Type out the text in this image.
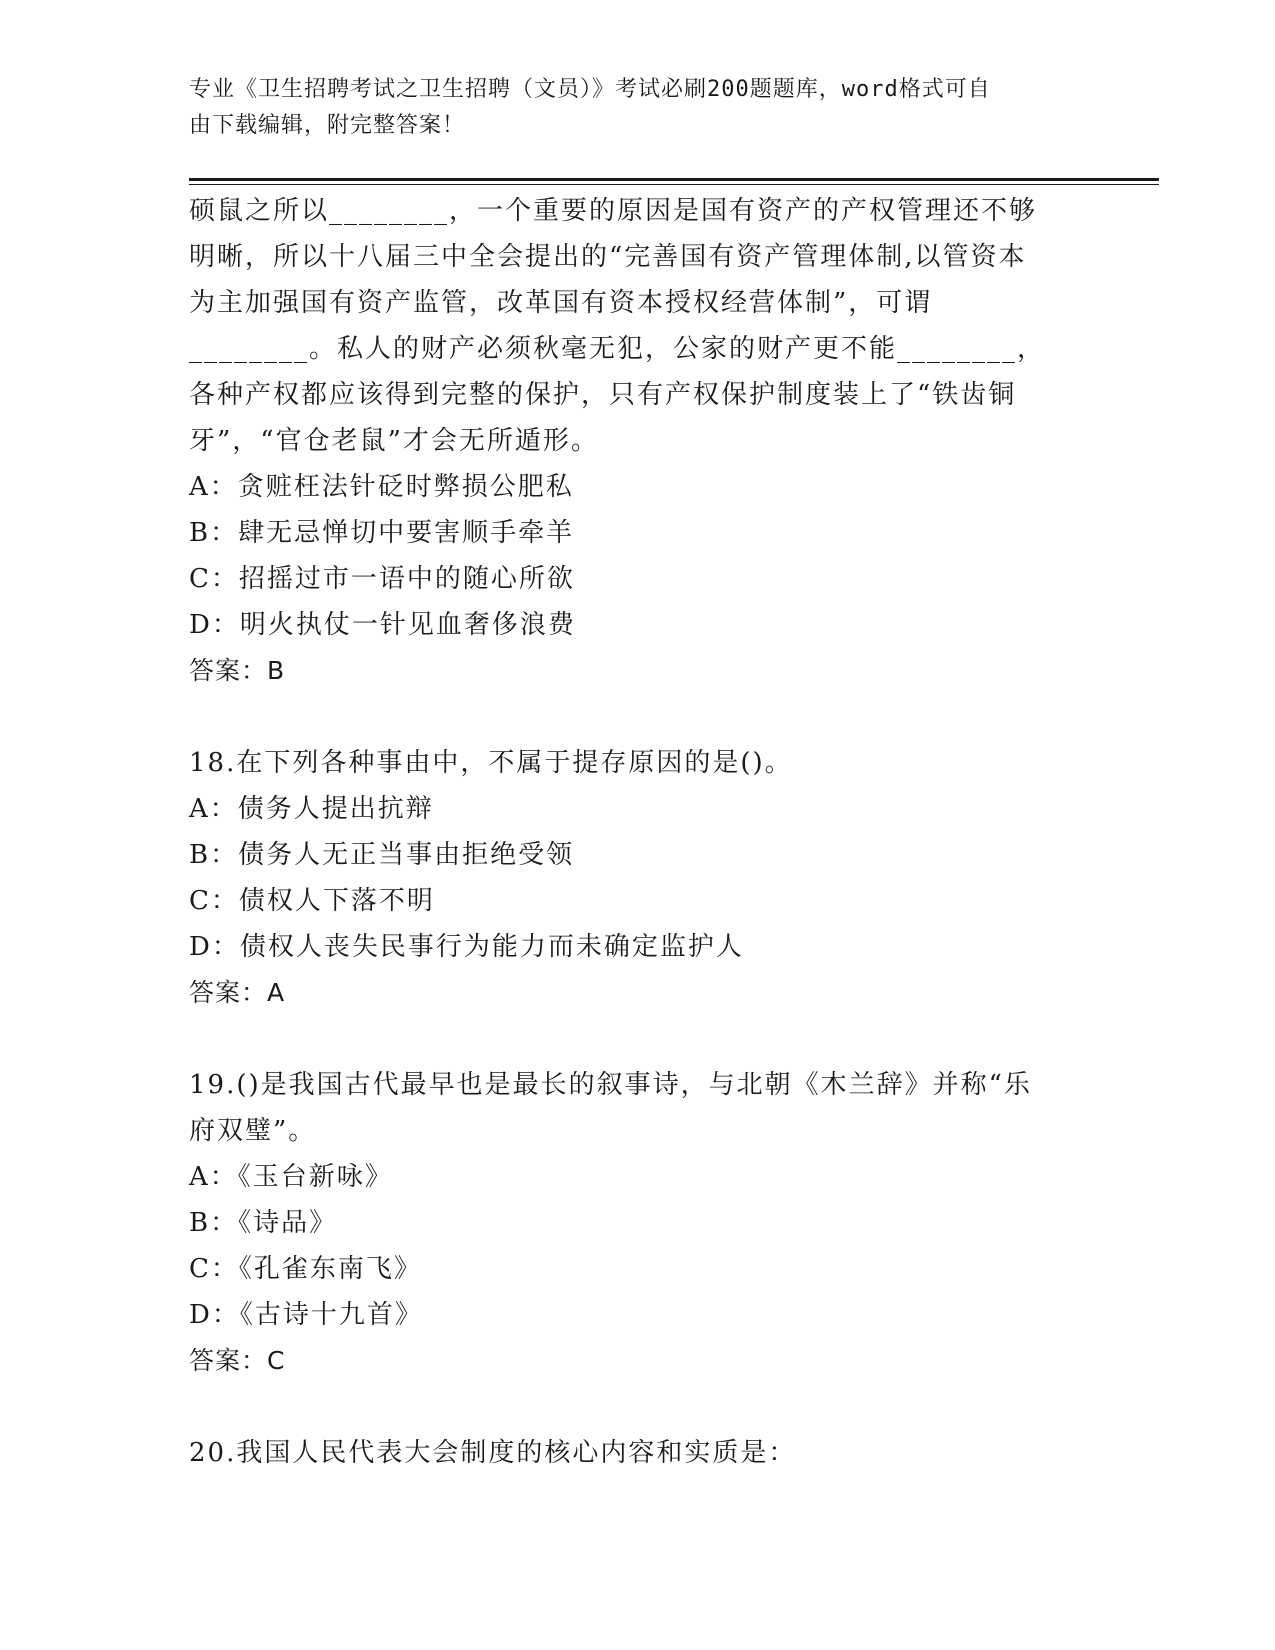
专业《卫生招聘考试之卫生招聘（文员）》考试必刷200题题库，word格式可自
由下载编辑，附完整答案！
硕鼠之所以________，一个重要的原因是国有资产的产权管理还不够
明晰，所以十八届三中全会提出的“完善国有资产管理体制,以管资本
为主加强国有资产监管，改革国有资本授权经营体制”，可谓
________。私人的财产必须秋毫无犯，公家的财产更不能________，
各种产权都应该得到完整的保护，只有产权保护制度装上了“铁齿铜
牙”，“官仓老鼠”才会无所遁形。
A：贪赃枉法针砭时弊损公肥私
B：肆无忌惮切中要害顺手牵羊
C：招摇过市一语中的随心所欲
D：明火执仗一针见血奢侈浪费
答案：B
18.在下列各种事由中，不属于提存原因的是()。
A：债务人提出抗辩
B：债务人无正当事由拒绝受领
C：债权人下落不明
D：债权人丧失民事行为能力而未确定监护人
答案：A
19.()是我国古代最早也是最长的叙事诗，与北朝《木兰辞》并称“乐
府双璧”。
A：《玉台新咏》
B：《诗品》
C：《孔雀东南飞》
D：《古诗十九首》
答案：C
20.我国人民代表大会制度的核心内容和实质是：
